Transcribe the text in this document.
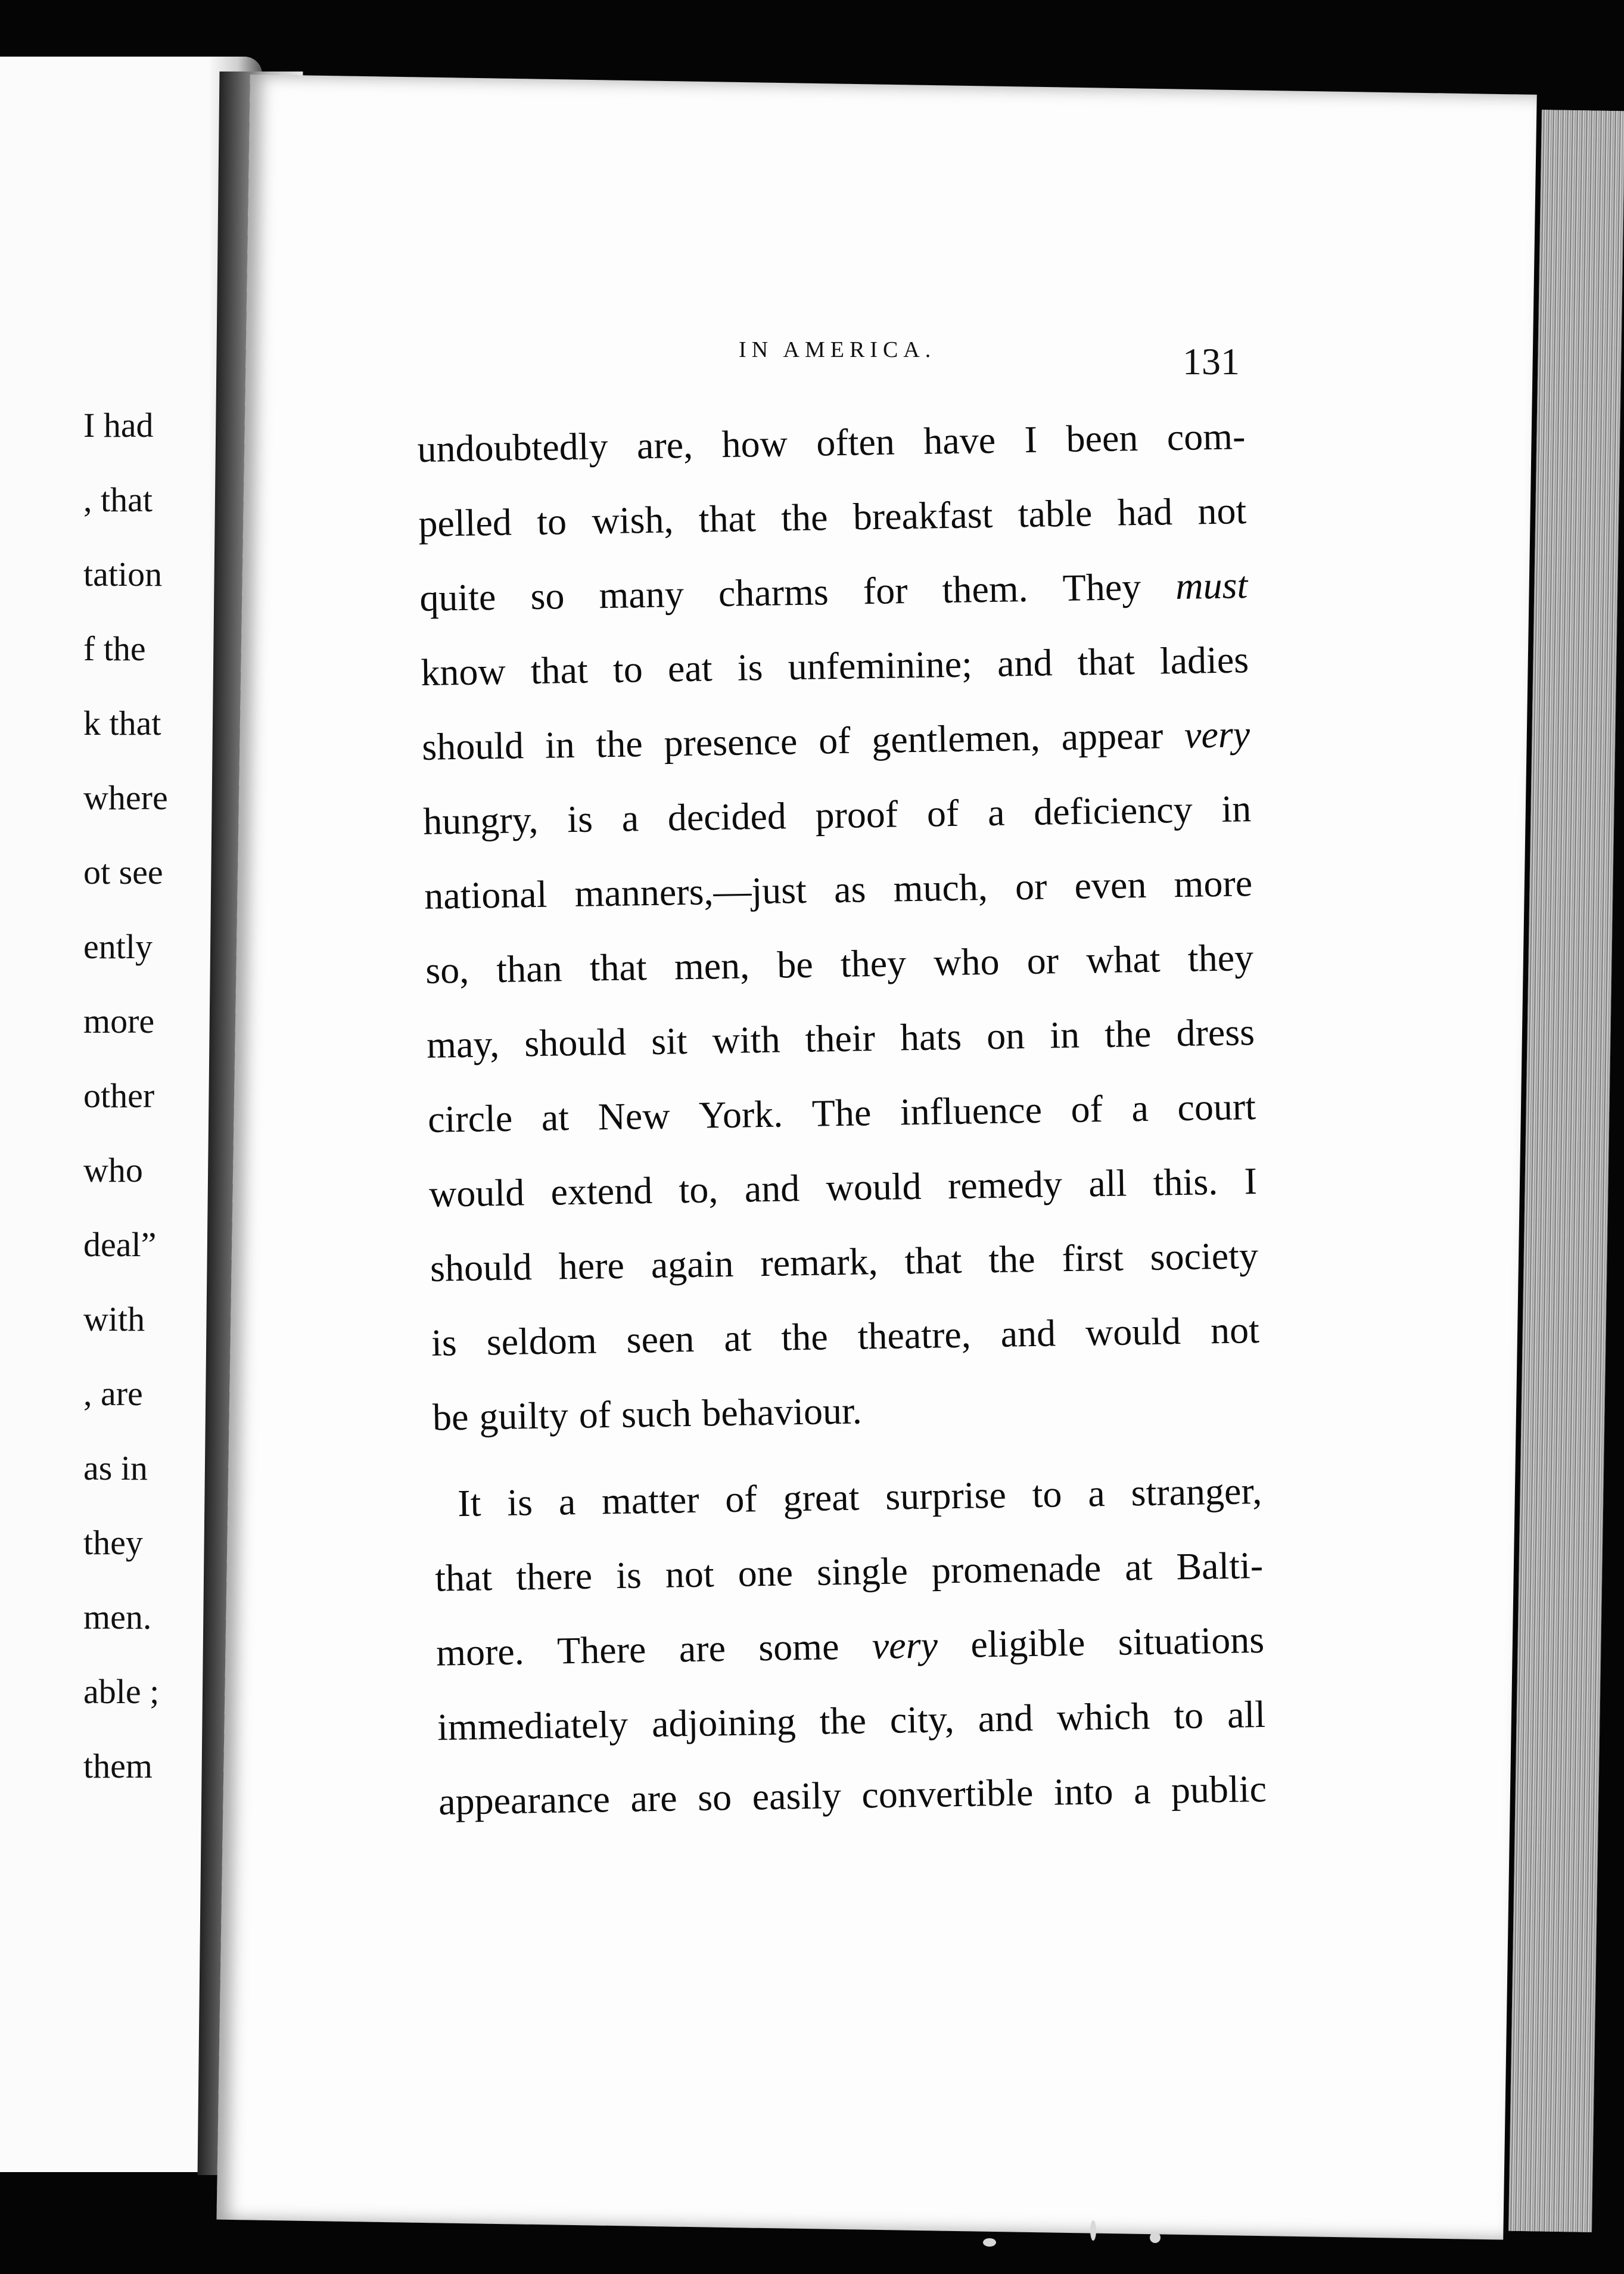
I had
, that
tation
f the
k that
where
ot see
ently
more
other
who
deal”
with
, are
as in
they
men.
able ;
them
IN AMERICA.	131
undoubtedly are, how often have I been com-
pelled to wish, that the breakfast table had not
quite so many charms for them. They must
know that to eat is unfeminine; and that ladies
should in the presence of gentlemen, appear very
hungry, is a decided proof of a deficiency in
national manners,—just as much, or even more
so, than that men, be they who or what they
may, should sit with their hats on in the dress
circle at New York. The influence of a court
would extend to, and would remedy all this. I
should here again remark, that the first society
is seldom seen at the theatre, and would not
be guilty of such behaviour.
It is a matter of great surprise to a stranger,
that there is not one single promenade at Balti-
more. There are some very eligible situations
immediately adjoining the city, and which to all
appearance are so easily convertible into a public
